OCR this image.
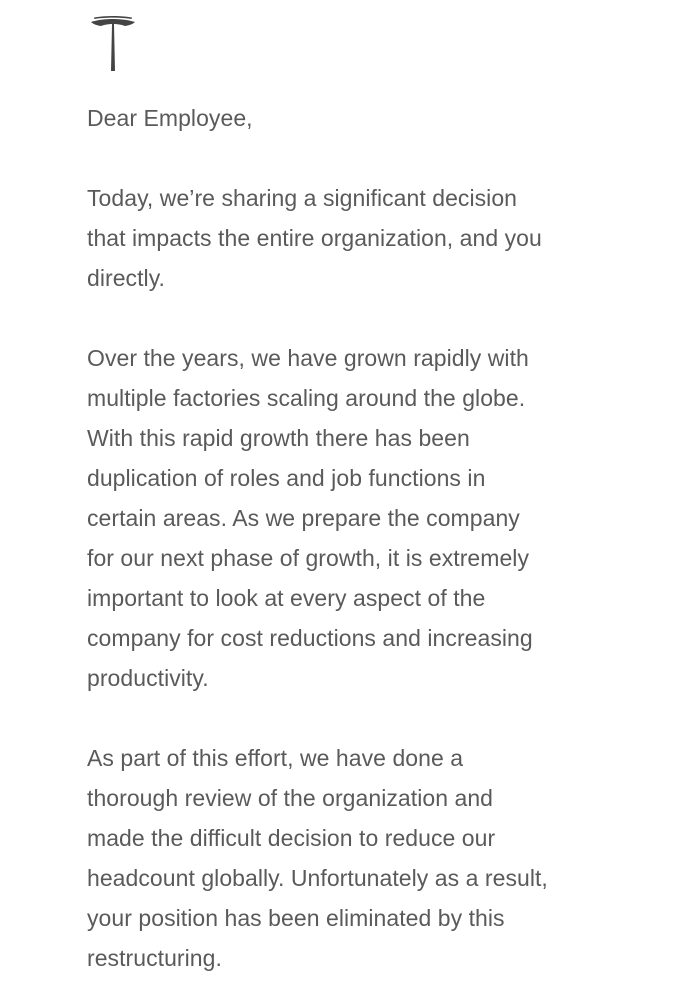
Dear Employee,
Today, we’re sharing a significant decision
that impacts the entire organization, and you
directly.
Over the years, we have grown rapidly with
multiple factories scaling around the globe.
With this rapid growth there has been
duplication of roles and job functions in
certain areas. As we prepare the company
for our next phase of growth, it is extremely
important to look at every aspect of the
company for cost reductions and increasing
productivity.
As part of this effort, we have done a
thorough review of the organization and
made the difficult decision to reduce our
headcount globally. Unfortunately as a result,
your position has been eliminated by this
restructuring.
